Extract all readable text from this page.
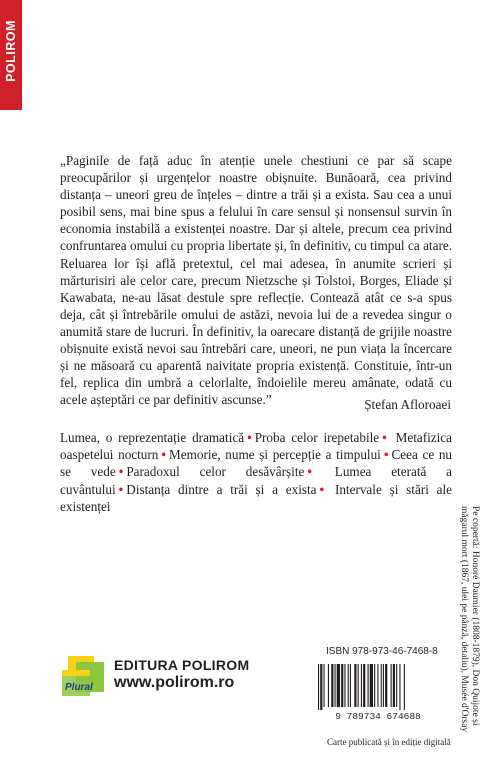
POLIROM
„Paginile de față aduc în atenție unele chestiuni ce par să scape preocupărilor și urgențelor noastre obișnuite. Bunăoară, cea privind distanța – uneori greu de înțeles – dintre a trăi și a exista. Sau cea a unui posibil sens, mai bine spus a felului în care sensul și nonsensul survin în economia instabilă a existenței noastre. Dar și altele, precum cea privind confruntarea omului cu propria libertate și, în definitiv, cu timpul ca atare. Reluarea lor își află pretextul, cel mai adesea, în anumite scrieri și mărturisiri ale celor care, precum Nietzsche și Tolstoi, Borges, Eliade și Kawabata, ne-au lăsat destule spre reflecție. Contează atât ce s-a spus deja, cât și întrebările omului de astăzi, nevoia lui de a revedea singur o anumită stare de lucruri. În definitiv, la oarecare distanță de grijile noastre obișnuite există nevoi sau întrebări care, uneori, ne pun viața la încercare și ne măsoară cu aparentă naivitate propria existență. Constituie, într-un fel, replica din umbră a celorlalte, îndoielile mereu amânate, odată cu acele așteptări ce par definitiv ascunse.”	Ștefan Afloroaei
Lumea, o reprezentație dramatică • Proba celor irepetabile • Metafizica oaspetelui nocturn • Memorie, nume și percepție a timpului • Ceea ce nu se vede • Paradoxul celor desăvârșite • Lumea eterată a cuvântului • Distanța dintre a trăi și a exista • Intervale și stări ale existenței	Pe copertă: Honoré Daumier (1808-1879), Don Quijote și măgarul mort (1867, ulei pe pânză, detaliu), Musée d'Orsay
Plural
EDITURA POLIROM
www.polirom.ro
ISBN 978-973-46-7468-8
9 789734 674688
Carte publicată și în ediție digitală
